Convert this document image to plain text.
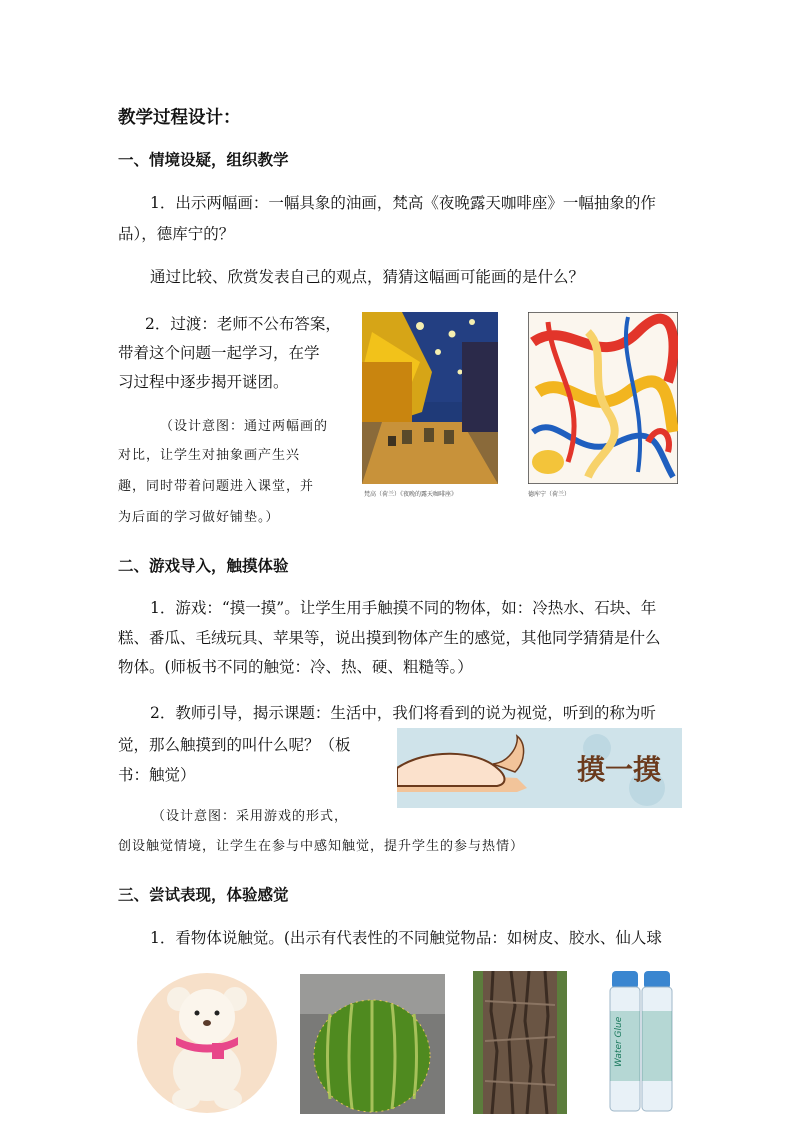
教学过程设计：
一、情境设疑，组织教学
1．出示两幅画：一幅具象的油画，梵高《夜晚露天咖啡座》一幅抽象的作
品），德库宁的？
通过比较、欣赏发表自己的观点，猜猜这幅画可能画的是什么？
2．过渡：老师不公布答案，
带着这个问题一起学习，在学
习过程中逐步揭开谜团。
（设计意图：通过两幅画的
对比，让学生对抽象画产生兴
趣，同时带着问题进入课堂，并
为后面的学习做好铺垫。）
梵高（荷兰）《夜晚的露天咖啡座》	德库宁（荷兰）
二、游戏导入，触摸体验
1．游戏：“摸一摸”。让学生用手触摸不同的物体，如：冷热水、石块、年
糕、番瓜、毛绒玩具、苹果等，说出摸到物体产生的感觉，其他同学猜猜是什么
物体。(师板书不同的触觉：冷、热、硬、粗糙等。）
2．教师引导，揭示课题：生活中，我们将看到的说为视觉，听到的称为听
觉，那么触摸到的叫什么呢？（板
书：触觉）	摸一摸
（设计意图：采用游戏的形式，
创设触觉情境，让学生在参与中感知触觉，提升学生的参与热情）
三、尝试表现，体验感觉
1．看物体说触觉。(出示有代表性的不同触觉物品：如树皮、胶水、仙人球
Water Glue
